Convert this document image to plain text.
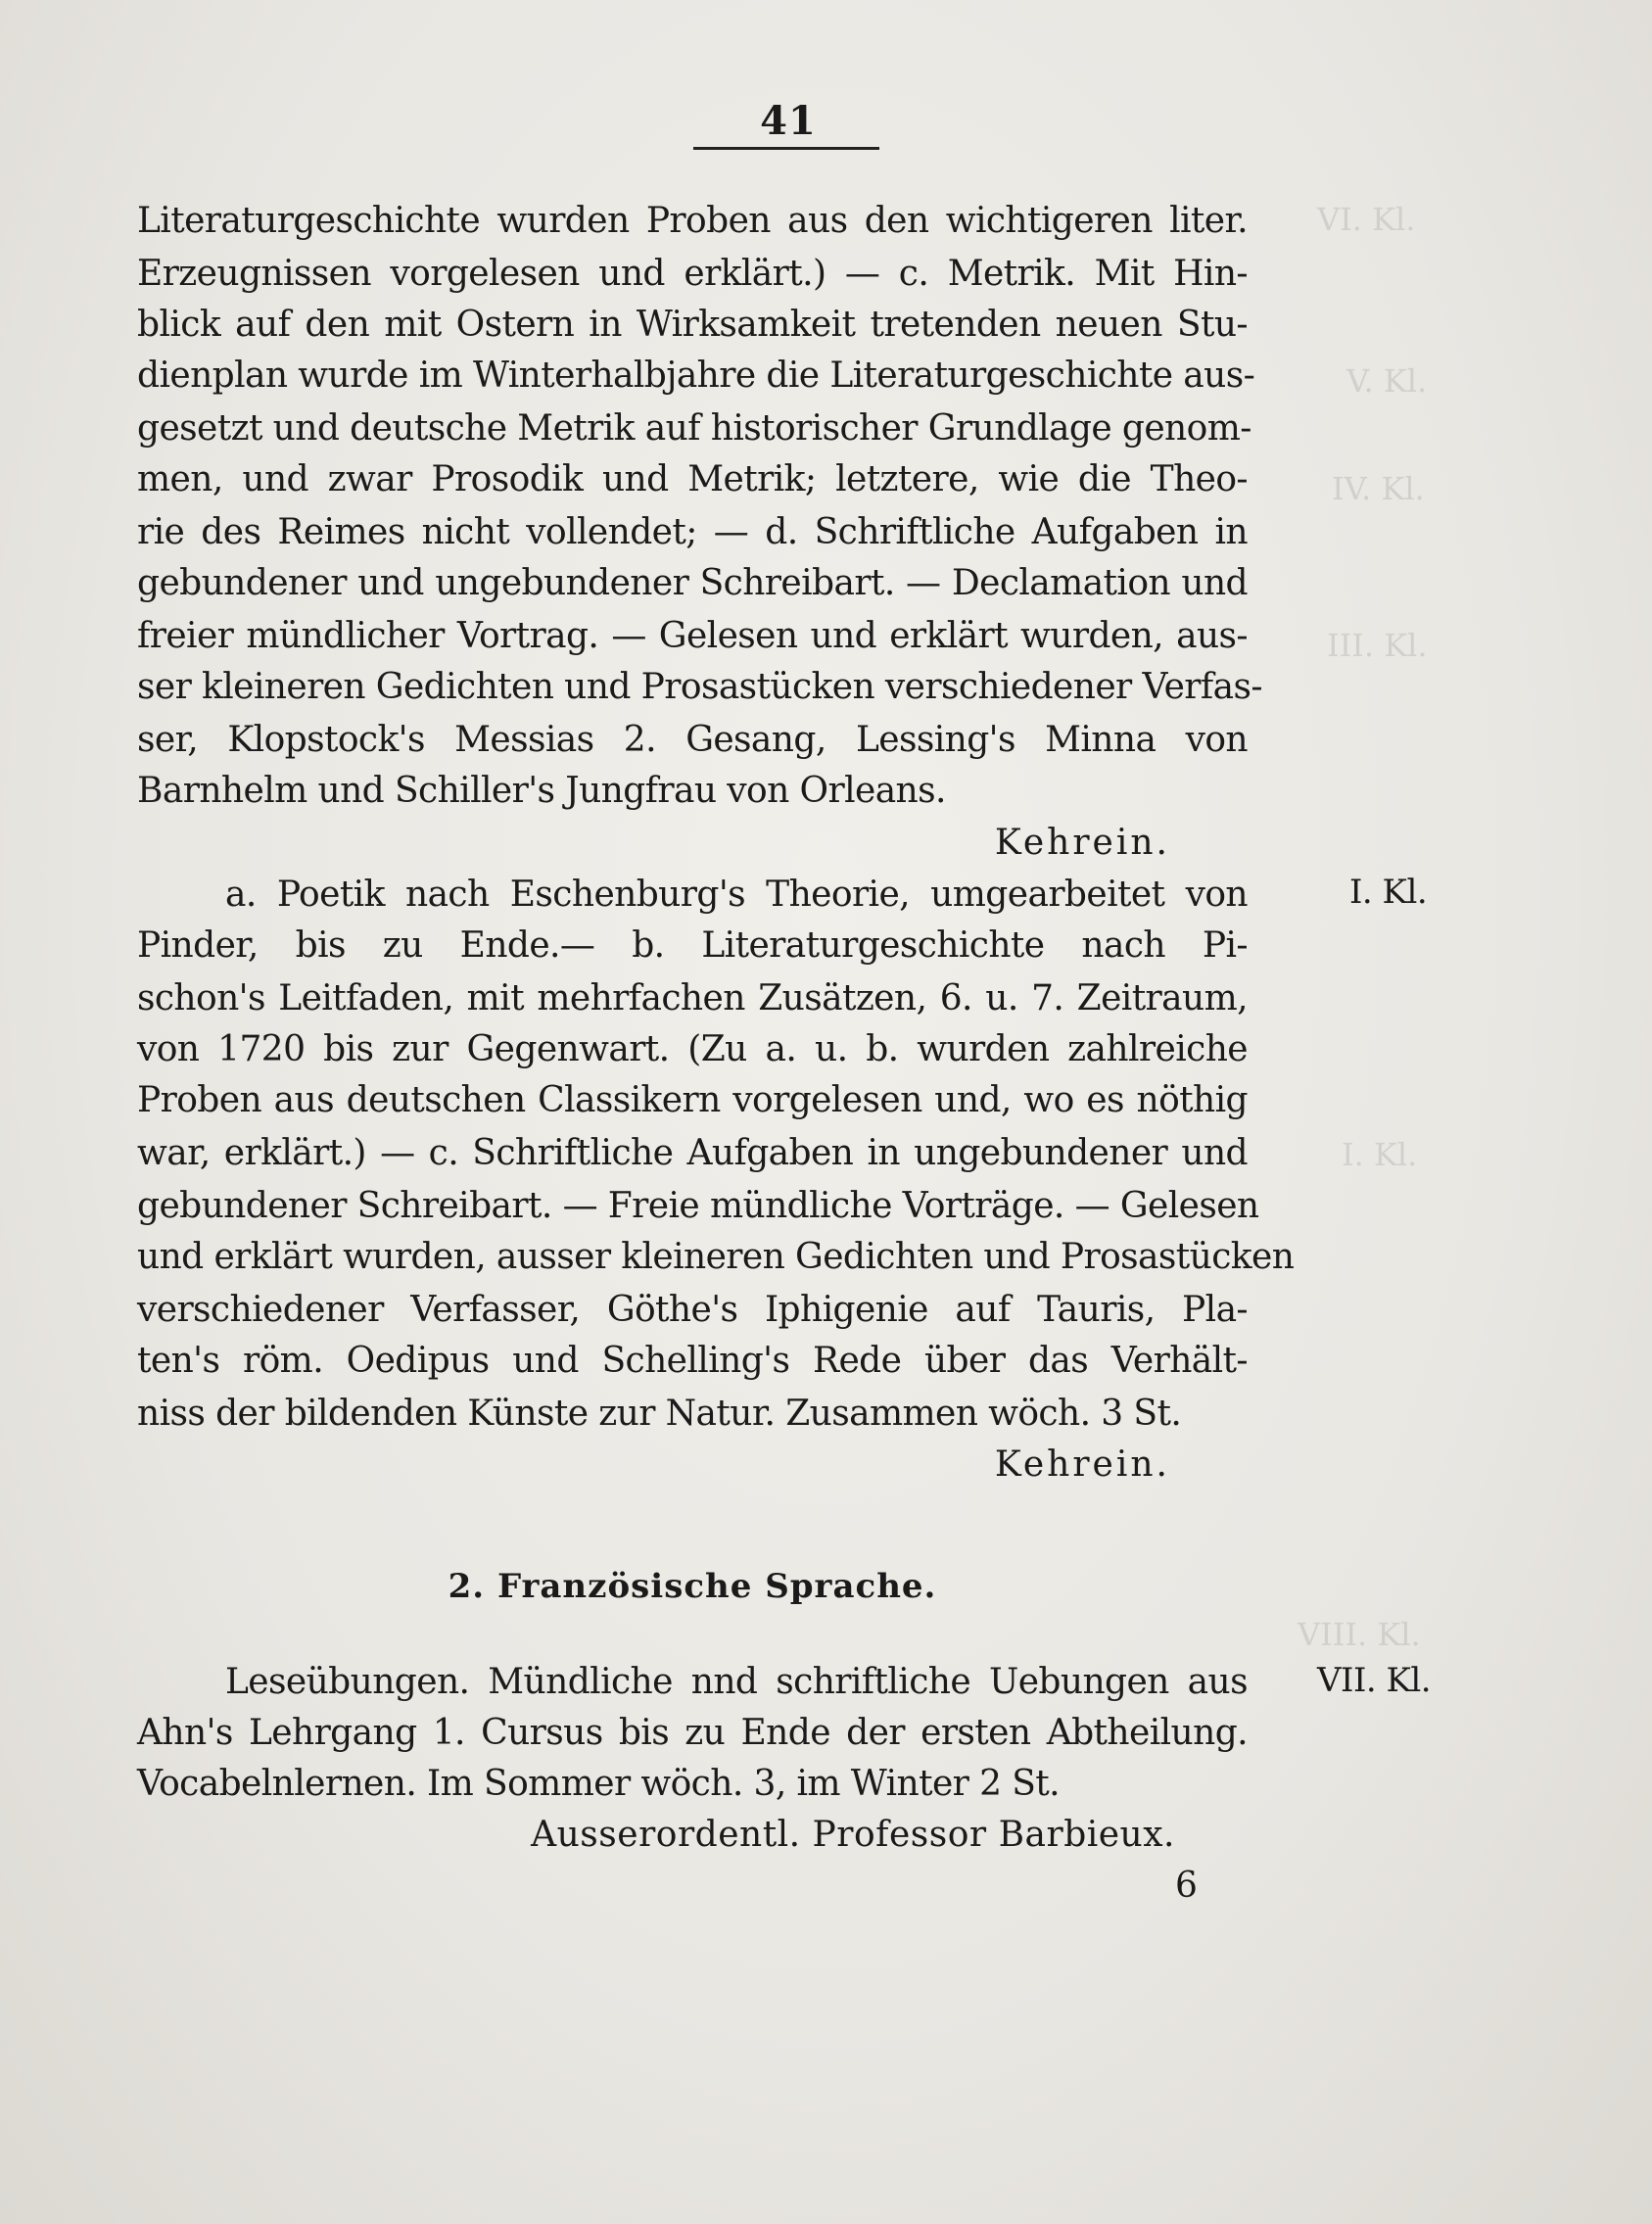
VI. Kl.
V. Kl.
IV. Kl.
III. Kl.
I. Kl.
VIII. Kl.
41
Literaturgeschichte wurden Proben aus den wichtigeren liter.
Erzeugnissen vorgelesen und erklärt.) — c. Metrik. Mit Hin-
blick auf den mit Ostern in Wirksamkeit tretenden neuen Stu-
dienplan wurde im Winterhalbjahre die Literaturgeschichte aus-
gesetzt und deutsche Metrik auf historischer Grundlage genom-
men, und zwar Prosodik und Metrik; letztere, wie die Theo-
rie des Reimes nicht vollendet; — d. Schriftliche Aufgaben in
gebundener und ungebundener Schreibart. — Declamation und
freier mündlicher Vortrag. — Gelesen und erklärt wurden, aus-
ser kleineren Gedichten und Prosastücken verschiedener Verfas-
ser, Klopstock's Messias 2. Gesang, Lessing's Minna von
Barnhelm und Schiller's Jungfrau von Orleans.
Kehrein.
I. Kl.
a. Poetik nach Eschenburg's Theorie, umgearbeitet von
Pinder, bis zu Ende.— b. Literaturgeschichte nach Pi-
schon's Leitfaden, mit mehrfachen Zusätzen, 6. u. 7. Zeitraum,
von 1720 bis zur Gegenwart. (Zu a. u. b. wurden zahlreiche
Proben aus deutschen Classikern vorgelesen und, wo es nöthig
war, erklärt.) — c. Schriftliche Aufgaben in ungebundener und
gebundener Schreibart. — Freie mündliche Vorträge. — Gelesen
und erklärt wurden, ausser kleineren Gedichten und Prosastücken
verschiedener Verfasser, Göthe's Iphigenie auf Tauris, Pla-
ten's röm. Oedipus und Schelling's Rede über das Verhält-
niss der bildenden Künste zur Natur. Zusammen wöch. 3 St.
Kehrein.
2. Französische Sprache.
VII. Kl.
Leseübungen. Mündliche nnd schriftliche Uebungen aus
Ahn's Lehrgang 1. Cursus bis zu Ende der ersten Abtheilung.
Vocabelnlernen. Im Sommer wöch. 3, im Winter 2 St.
Ausserordentl. Professor Barbieux.
6
